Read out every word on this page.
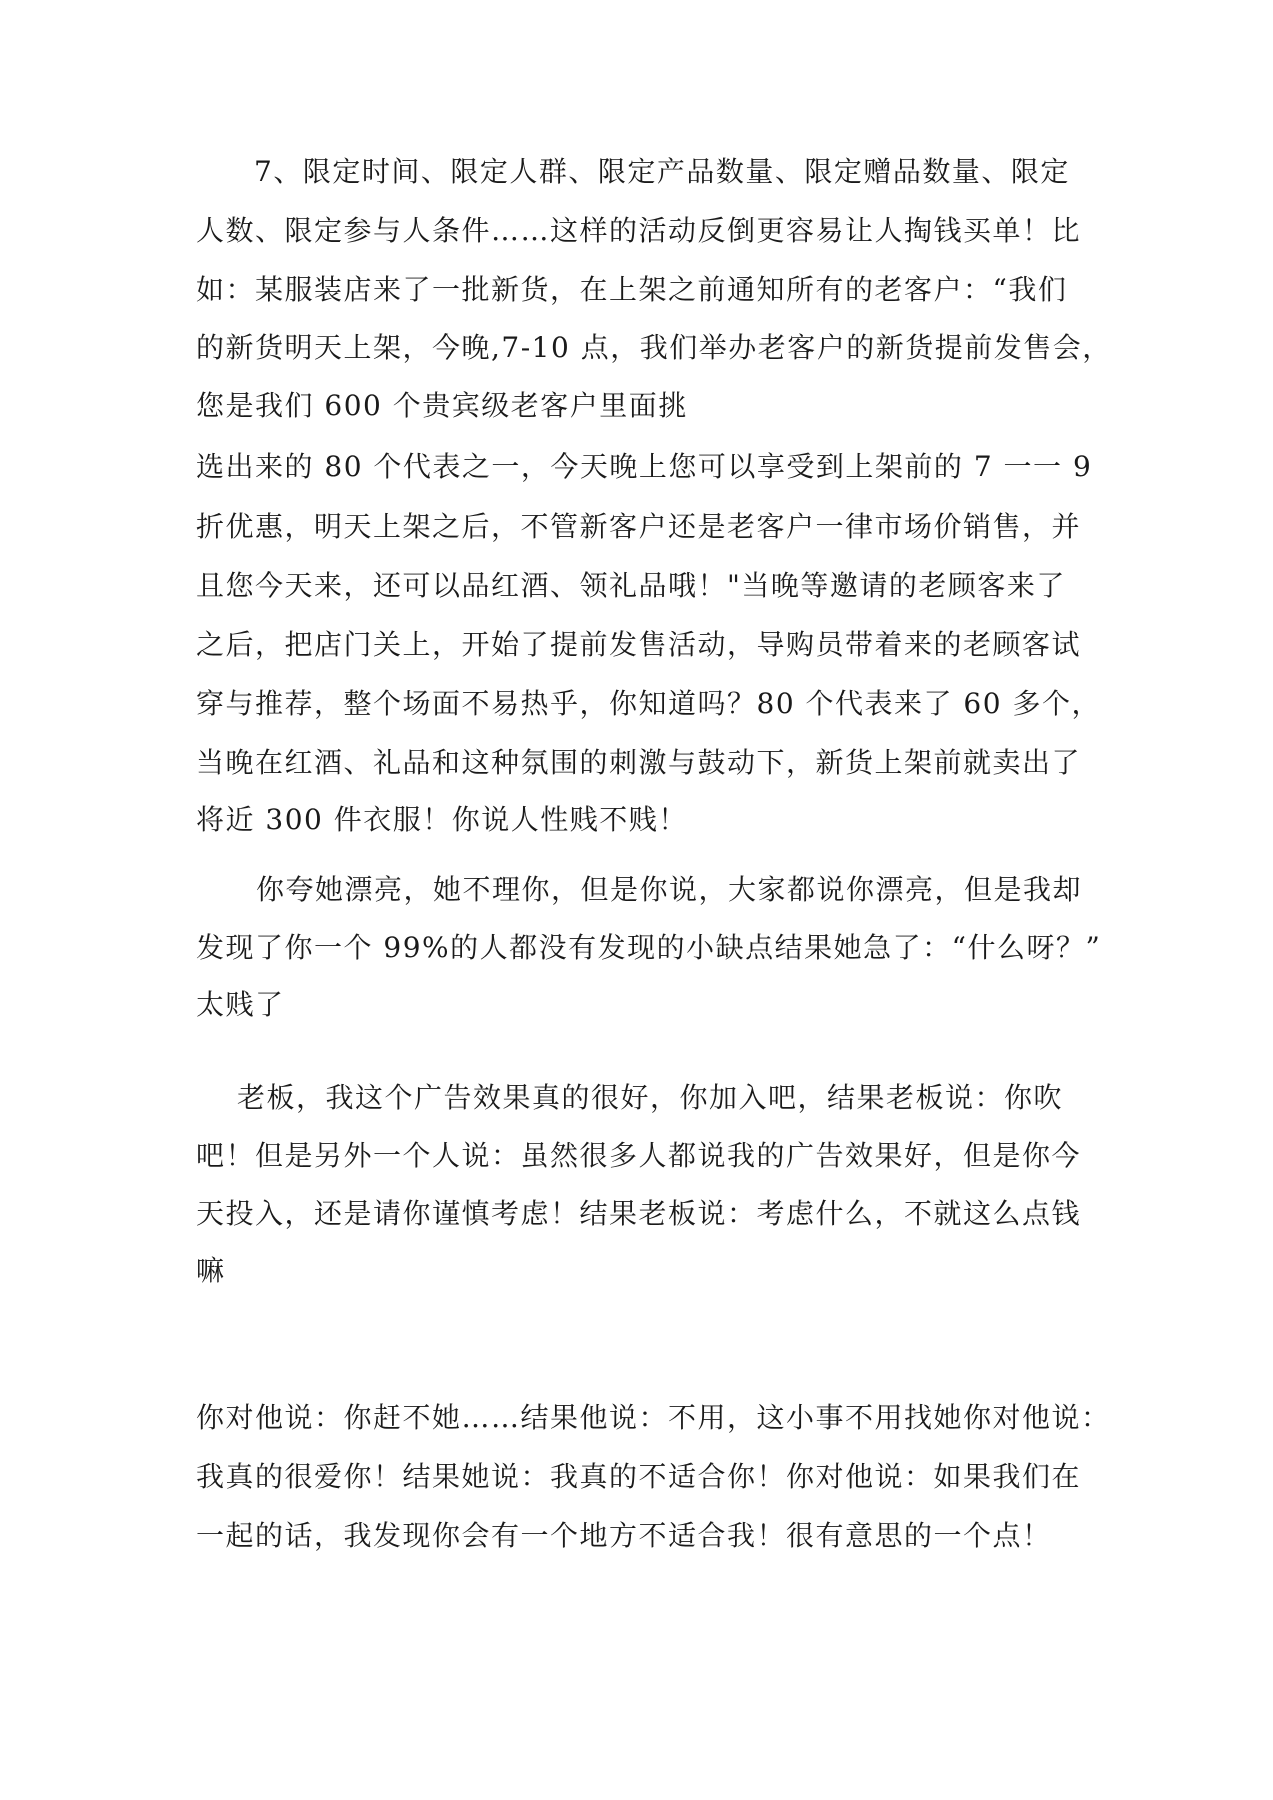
7、限定时间、限定人群、限定产品数量、限定赠品数量、限定

人数、限定参与人条件……这样的活动反倒更容易让人掏钱买单！比

如：某服装店来了一批新货，在上架之前通知所有的老客户：“我们

的新货明天上架，今晚,7-10 点，我们举办老客户的新货提前发售会，

您是我们 600 个贵宾级老客户里面挑

选出来的 80 个代表之一，今天晚上您可以享受到上架前的 7 一一 9

折优惠，明天上架之后，不管新客户还是老客户一律市场价销售，并

且您今天来，还可以品红酒、领礼品哦！"当晚等邀请的老顾客来了

之后，把店门关上，开始了提前发售活动，导购员带着来的老顾客试

穿与推荐，整个场面不易热乎，你知道吗？80 个代表来了 60 多个，

当晚在红酒、礼品和这种氛围的刺激与鼓动下，新货上架前就卖出了

将近 300 件衣服！你说人性贱不贱！

你夸她漂亮，她不理你，但是你说，大家都说你漂亮，但是我却

发现了你一个 99%的人都没有发现的小缺点结果她急了：“什么呀？”

太贱了

老板，我这个广告效果真的很好，你加入吧，结果老板说：你吹

吧！但是另外一个人说：虽然很多人都说我的广告效果好，但是你今

天投入，还是请你谨慎考虑！结果老板说：考虑什么，不就这么点钱

嘛

你对他说：你赶不她……结果他说：不用，这小事不用找她你对他说：

我真的很爱你！结果她说：我真的不适合你！你对他说：如果我们在

一起的话，我发现你会有一个地方不适合我！很有意思的一个点！
